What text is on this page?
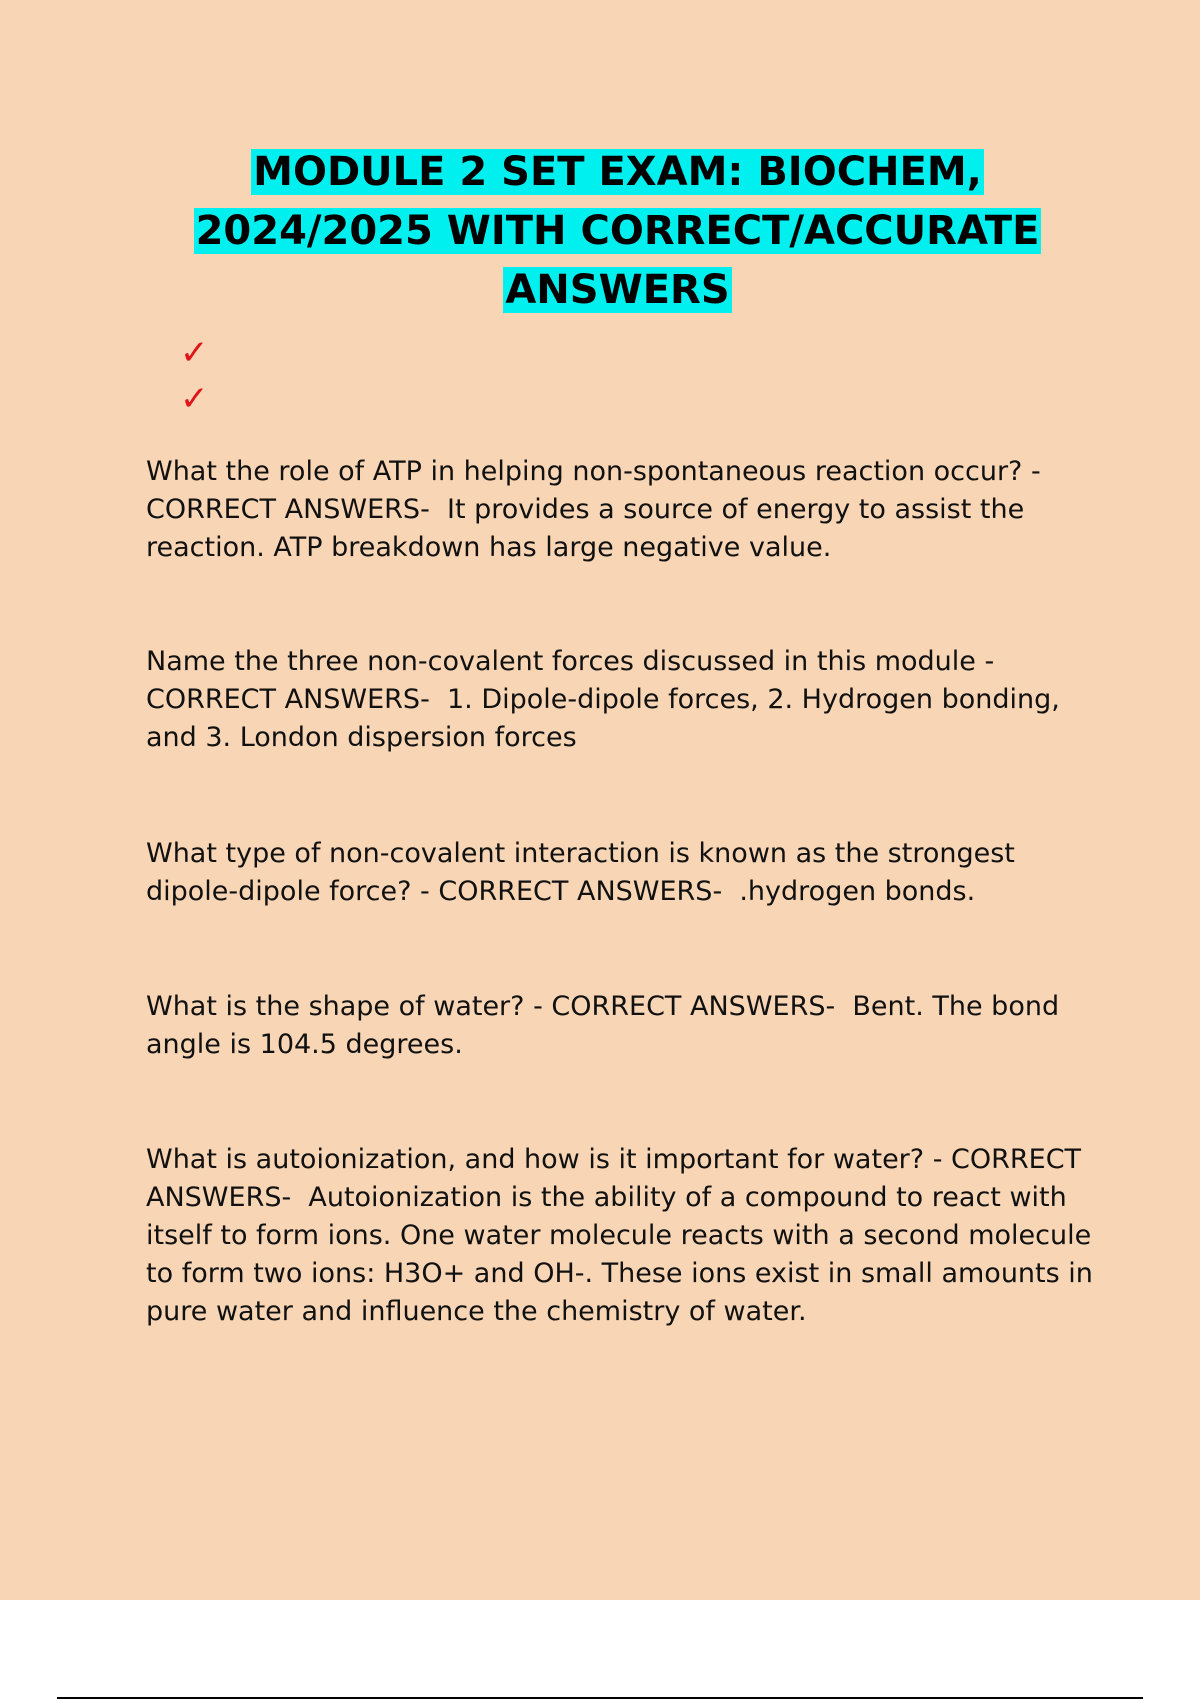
MODULE 2 SET EXAM: BIOCHEM,
2024/2025 WITH CORRECT/ACCURATE
ANSWERS
✓
✓

What the role of ATP in helping non-spontaneous reaction occur? - CORRECT ANSWERS-  It provides a source of energy to assist the reaction. ATP breakdown has large negative value.

Name the three non-covalent forces discussed in this module - CORRECT ANSWERS-  1. Dipole-dipole forces, 2. Hydrogen bonding, and 3. London dispersion forces

What type of non-covalent interaction is known as the strongest dipole-dipole force? - CORRECT ANSWERS-  .hydrogen bonds.

What is the shape of water? - CORRECT ANSWERS-  Bent. The bond angle is 104.5 degrees.

What is autoionization, and how is it important for water? - CORRECT ANSWERS-  Autoionization is the ability of a compound to react with itself to form ions. One water molecule reacts with a second molecule to form two ions: H3O+ and OH-. These ions exist in small amounts in pure water and influence the chemistry of water.
